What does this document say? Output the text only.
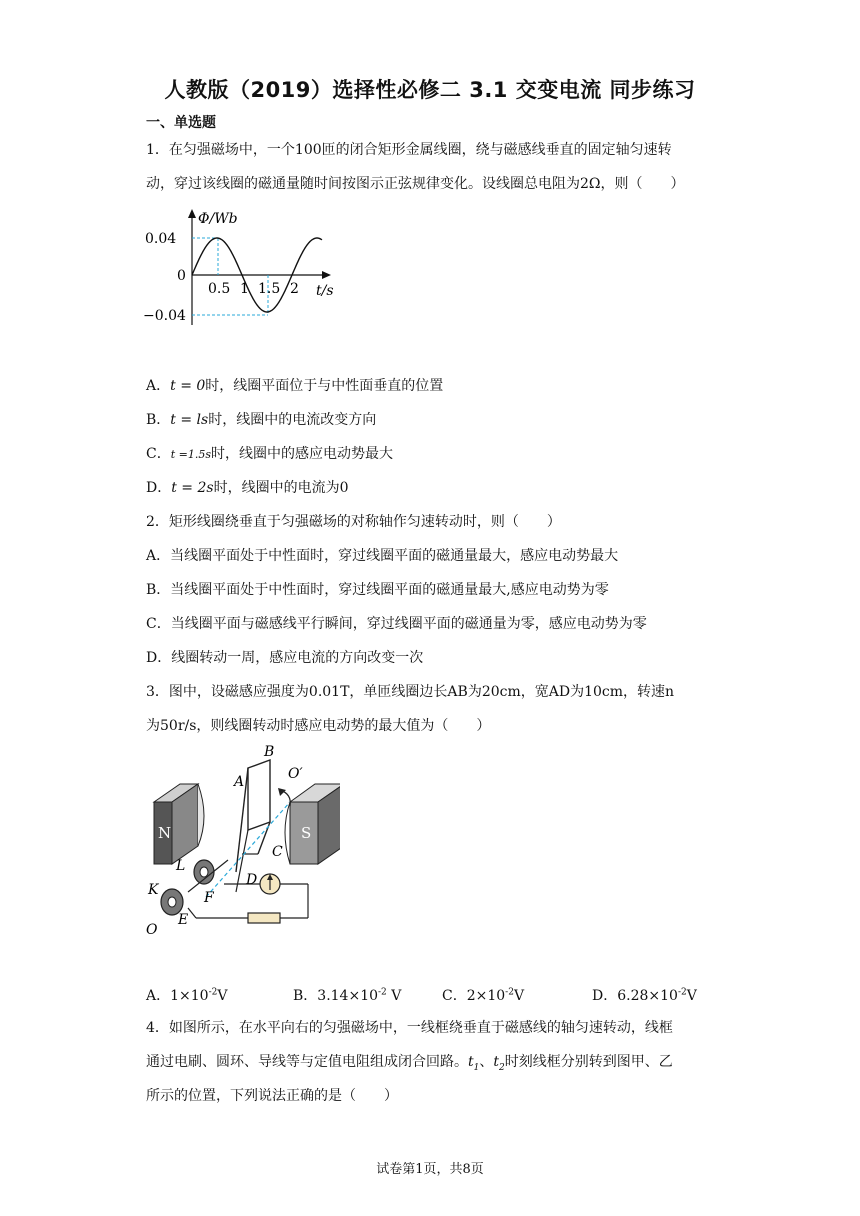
人教版（2019）选择性必修二 3.1 交变电流 同步练习
一、单选题
1．在匀强磁场中，一个100匝的闭合矩形金属线圈，绕与磁感线垂直的固定轴匀速转
动，穿过该线圈的磁通量随时间按图示正弦规律变化。设线圈总电阻为2Ω，则（　　）
Φ/Wb
0.04
0
−0.04
0.5 1 1.5 2 t/s
A．t = 0时，线圈平面位于与中性面垂直的位置
B．t = ls时，线圈中的电流改变方向
C．t =1.5s时，线圈中的感应电动势最大
D．t = 2s时，线圈中的电流为0
2．矩形线圈绕垂直于匀强磁场的对称轴作匀速转动时，则（　　）
A．当线圈平面处于中性面时，穿过线圈平面的磁通量最大，感应电动势最大
B．当线圈平面处于中性面时，穿过线圈平面的磁通量最大,感应电动势为零
C．当线圈平面与磁感线平行瞬间，穿过线圈平面的磁通量为零，感应电动势为零
D．线圈转动一周，感应电流的方向改变一次
3．图中，设磁感应强度为0.01T，单匝线圈边长AB为20cm，宽AD为10cm，转速n
为50r/s，则线圈转动时感应电动势的最大值为（　　）
N	S
B
A	O′
C
L
D
K	F
O
E
A．$1\times 10^{-2}V$	B．$3.14\times 10^{-2}$ V	C．$2\times 10^{-2}V$	D．$6.28\times 10^{-2}V$
4．如图所示，在水平向右的匀强磁场中，一线框绕垂直于磁感线的轴匀速转动，线框
通过电刷、圆环、导线等与定值电阻组成闭合回路。$t_1$、$t_2$时刻线框分别转到图甲、乙
所示的位置，下列说法正确的是（　　）
试卷第1页，共8页
